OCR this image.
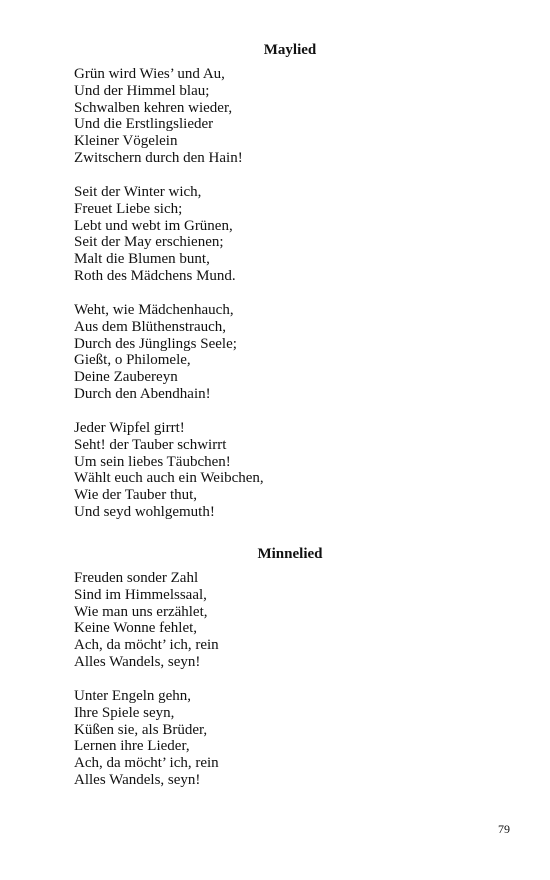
Maylied
Grün wird Wies’ und Au,
Und der Himmel blau;
Schwalben kehren wieder,
Und die Erstlingslieder
Kleiner Vögelein
Zwitschern durch den Hain!
Seit der Winter wich,
Freuet Liebe sich;
Lebt und webt im Grünen,
Seit der May erschienen;
Malt die Blumen bunt,
Roth des Mädchens Mund.
Weht, wie Mädchenhauch,
Aus dem Blüthenstrauch,
Durch des Jünglings Seele;
Gießt, o Philomele,
Deine Zaubereyn
Durch den Abendhain!
Jeder Wipfel girrt!
Seht! der Tauber schwirrt
Um sein liebes Täubchen!
Wählt euch auch ein Weibchen,
Wie der Tauber thut,
Und seyd wohlgemuth!
Minnelied
Freuden sonder Zahl
Sind im Himmelssaal,
Wie man uns erzählet,
Keine Wonne fehlet,
Ach, da möcht’ ich, rein
Alles Wandels, seyn!
Unter Engeln gehn,
Ihre Spiele seyn,
Küßen sie, als Brüder,
Lernen ihre Lieder,
Ach, da möcht’ ich, rein
Alles Wandels, seyn!
79
